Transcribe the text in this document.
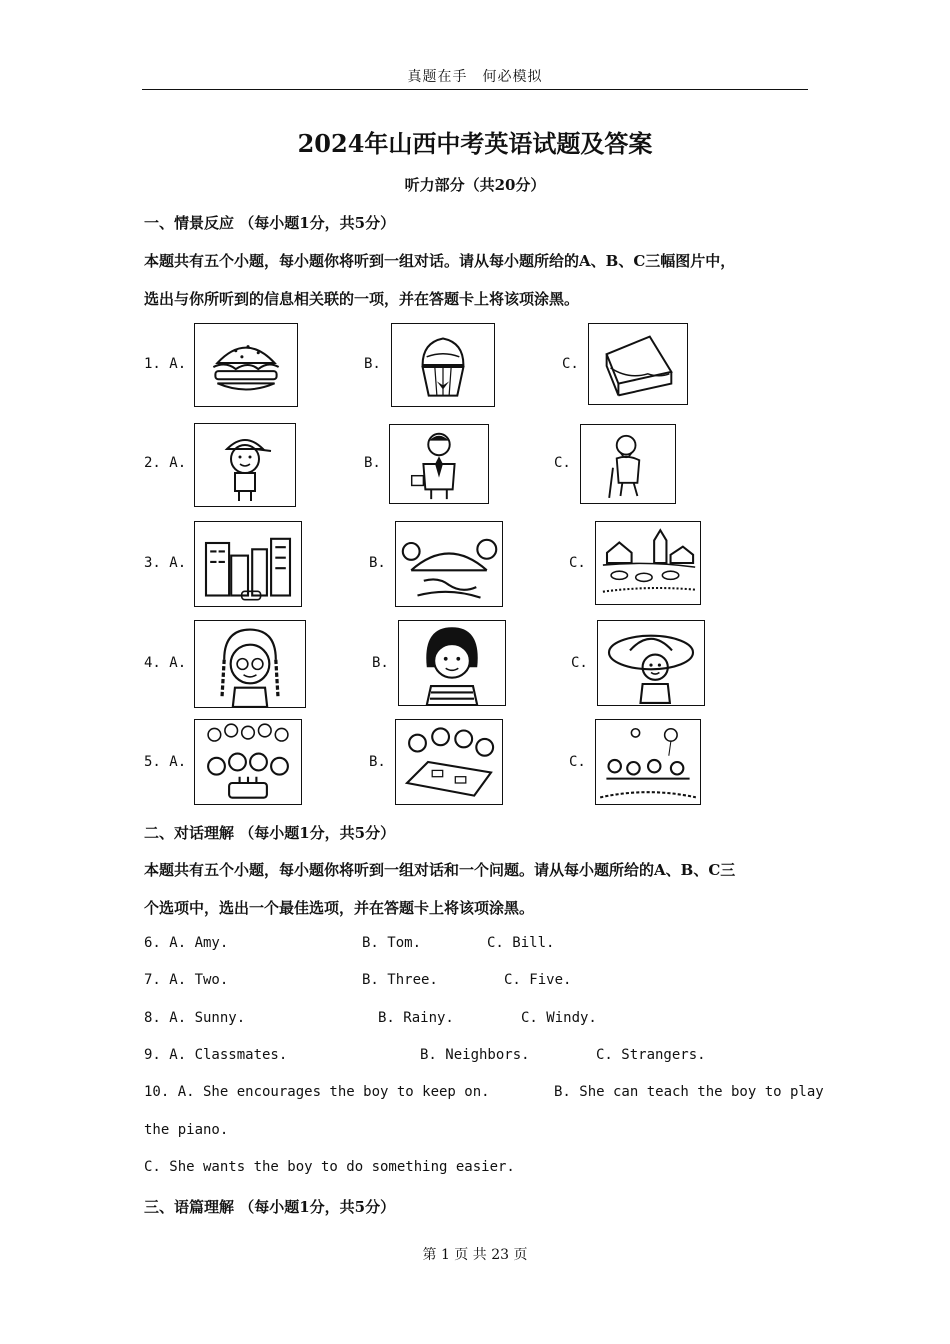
真题在手　何必模拟
2024年山西中考英语试题及答案
听力部分（共20分）
一、情景反应 （每小题1分，共5分）
本题共有五个小题，每小题你将听到一组对话。请从每小题所给的A、B、C三幅图片中，
选出与你所听到的信息相关联的一项，并在答题卡上将该项涂黑。
1. A.	B.	C.
2. A.	B.	C.
3. A.	B.	C.
4. A.	B.	C.
5. A.	B.	C.
二、对话理解 （每小题1分，共5分）
本题共有五个小题，每小题你将听到一组对话和一个问题。请从每小题所给的A、B、C三
个选项中，选出一个最佳选项，并在答题卡上将该项涂黑。
6. A. Amy.	B. Tom.	C. Bill.
7. A. Two.	B. Three.	C. Five.
8. A. Sunny.	B. Rainy.	C. Windy.
9. A. Classmates.	B. Neighbors.	C. Strangers.
10. A. She encourages the boy to keep on.	B. She can teach the boy to play
the piano.
C. She wants the boy to do something easier.
三、语篇理解 （每小题1分，共5分）
第 1 页 共 23 页
